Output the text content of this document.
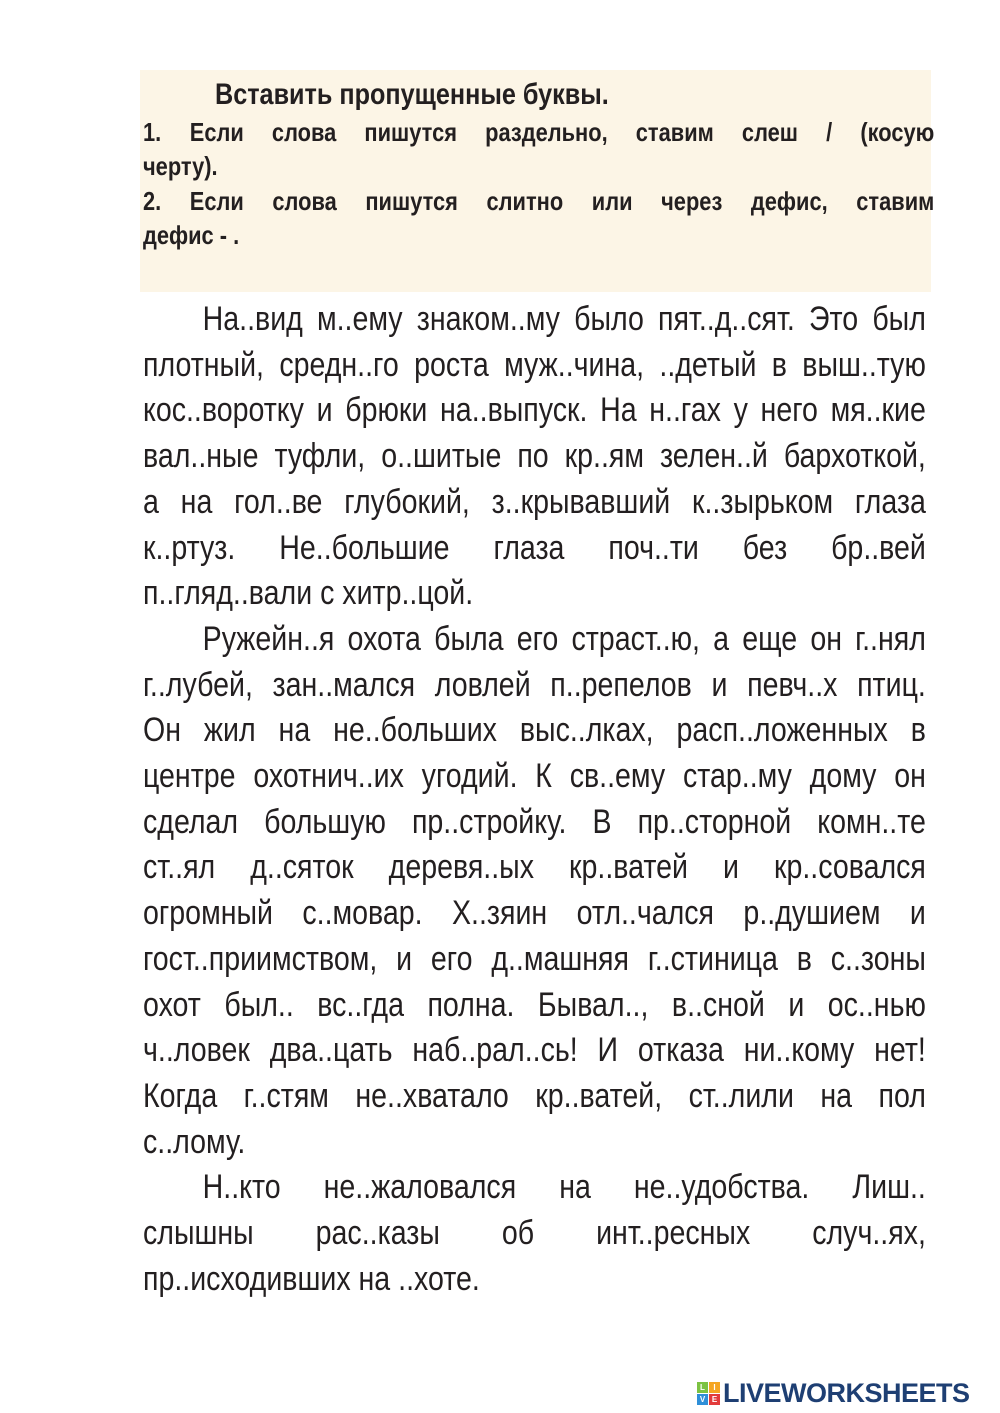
Вставить пропущенные буквы.
1.	Если слова пишутся раздельно, ставим слеш / (косую
черту).
2.	Если слова пишутся слитно или через дефис, ставим
дефис - .
На..вид м..ему знаком..му было пят..д..сят. Это был
плотный, средн..го роста муж..чина, ..детый в выш..тую
кос..воротку и брюки на..выпуск. На н..гах у него мя..кие
вал..ные туфли, о..шитые по кр..ям зелен..й бархоткой,
а на гол..ве глубокий, з..крывавший к..зырьком глаза
к..ртуз. Не..большие глаза поч..ти без бр..вей
п..гляд..вали с хитр..цой.
Ружейн..я охота была его страст..ю, а еще он г..нял
г..лубей, зан..мался ловлей п..репелов и певч..х птиц.
Он жил на не..больших выс..лках, расп..ложенных в
центре охотнич..их угодий. К св..ему стар..му дому он
сделал большую пр..стройку. В пр..сторной комн..те
ст..ял д..сяток деревя..ых кр..ватей и кр..совался
огромный с..мовар. Х..зяин отл..чался р..душием и
гост..приимством, и его д..машняя г..стиница в с..зоны
охот был.. вс..гда полна. Бывал.., в..сной и ос..нью
ч..ловек два..цать наб..рал..сь! И отказа ни..кому нет!
Когда г..стям не..хватало кр..ватей, ст..лили на пол
с..лому.
Н..кто не..жаловался на не..удобства. Лиш..
слышны рас..казы об инт..ресных случ..ях,
пр..исходивших на ..хоте.
L	I
V E LIVEWORKSHEETS
